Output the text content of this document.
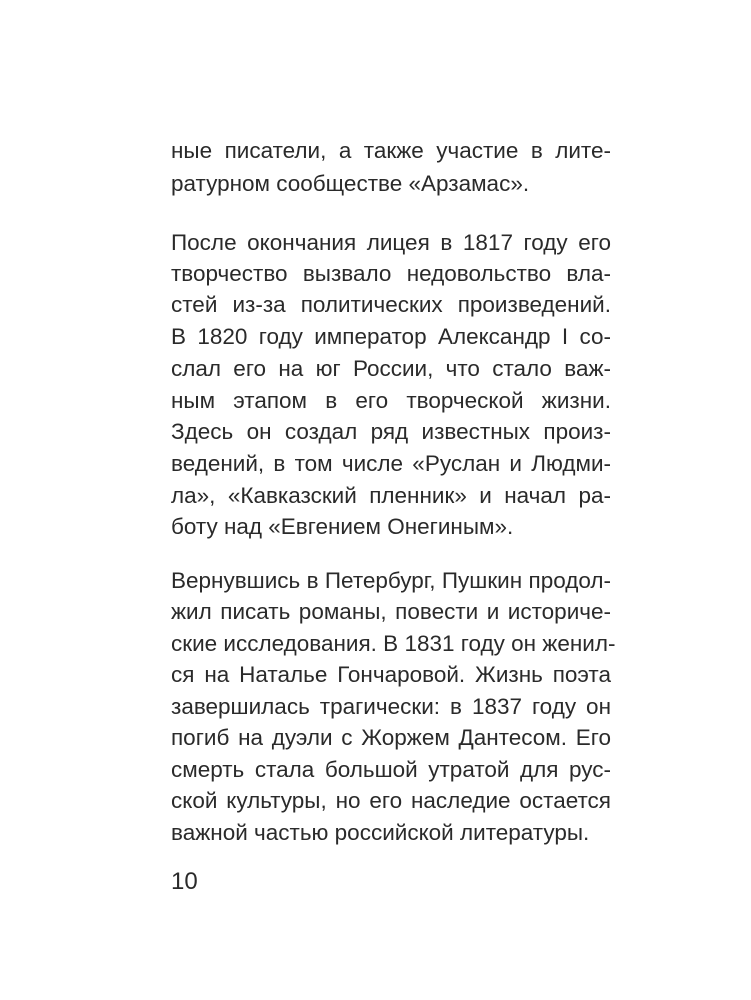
ные писатели, а также участие в лите-
ратурном сообществе «Арзамас».
После окончания лицея в 1817 году его
творчество вызвало недовольство вла-
стей из-за политических произведений.
В 1820 году император Александр I со-
слал его на юг России, что стало важ-
ным этапом в его творческой жизни.
Здесь он создал ряд известных произ-
ведений, в том числе «Руслан и Людми-
ла», «Кавказский пленник» и начал ра-
боту над «Евгением Онегиным».
Вернувшись в Петербург, Пушкин продол-
жил писать романы, повести и историче-
ские исследования. В 1831 году он женил-
ся на Наталье Гончаровой. Жизнь поэта
завершилась трагически: в 1837 году он
погиб на дуэли с Жоржем Дантесом. Его
смерть стала большой утратой для рус-
ской культуры, но его наследие остается
важной частью российской литературы.
10
